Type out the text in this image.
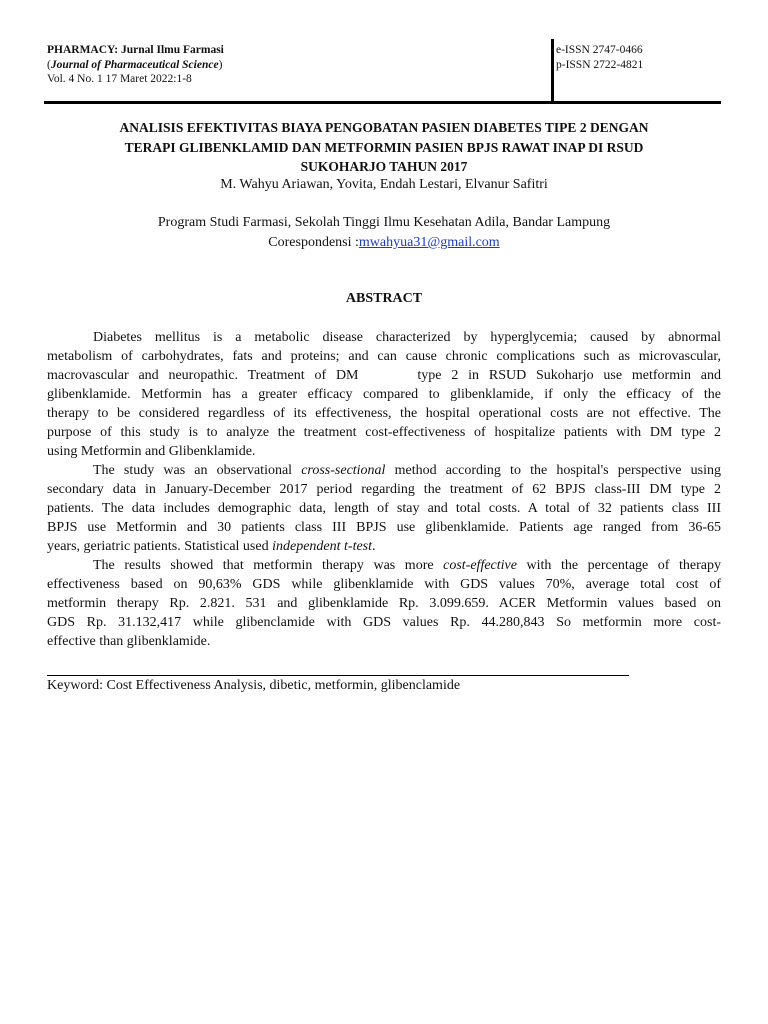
PHARMACY: Jurnal Ilmu Farmasi
(Journal of Pharmaceutical Science)
Vol. 4 No. 1 17 Maret 2022:1-8
e-ISSN 2747-0466
p-ISSN 2722-4821
ANALISIS EFEKTIVITAS BIAYA PENGOBATAN PASIEN DIABETES TIPE 2 DENGAN
TERAPI GLIBENKLAMID DAN METFORMIN PASIEN BPJS RAWAT INAP DI RSUD
SUKOHARJO TAHUN 2017
M. Wahyu Ariawan, Yovita, Endah Lestari, Elvanur Safitri
Program Studi Farmasi, Sekolah Tinggi Ilmu Kesehatan Adila, Bandar Lampung
Corespondensi :mwahyua31@gmail.com
ABSTRACT
Diabetes mellitus is a metabolic disease characterized by hyperglycemia; caused by abnormal
metabolism of carbohydrates, fats and proteins; and can cause chronic complications such as microvascular,
macrovascular and neuropathic. Treatment of DM      type 2 in RSUD Sukoharjo use metformin and
glibenklamide. Metformin has a greater efficacy compared to glibenklamide, if only the efficacy of the
therapy to be considered regardless of its effectiveness, the hospital operational costs are not effective. The
purpose of this study is to analyze the treatment cost-effectiveness of hospitalize patients with DM type 2
using Metformin and Glibenklamide.
The study was an observational cross-sectional method according to the hospital's perspective using
secondary data in January-December 2017 period regarding the treatment of 62 BPJS class-III DM type 2
patients. The data includes demographic data, length of stay and total costs. A total of 32 patients class III
BPJS use Metformin and 30 patients class III BPJS use glibenklamide. Patients age ranged from 36-65
years, geriatric patients. Statistical used independent t-test.
The results showed that metformin therapy was more cost-effective with the percentage of therapy
effectiveness based on 90,63% GDS while glibenklamide with GDS values 70%, average total cost of
metformin therapy Rp. 2.821. 531 and glibenklamide Rp. 3.099.659. ACER Metformin values based on
GDS Rp. 31.132,417 while glibenclamide with GDS values Rp. 44.280,843 So metformin more cost-
effective than glibenklamide.
Keyword: Cost Effectiveness Analysis, dibetic, metformin, glibenclamide
